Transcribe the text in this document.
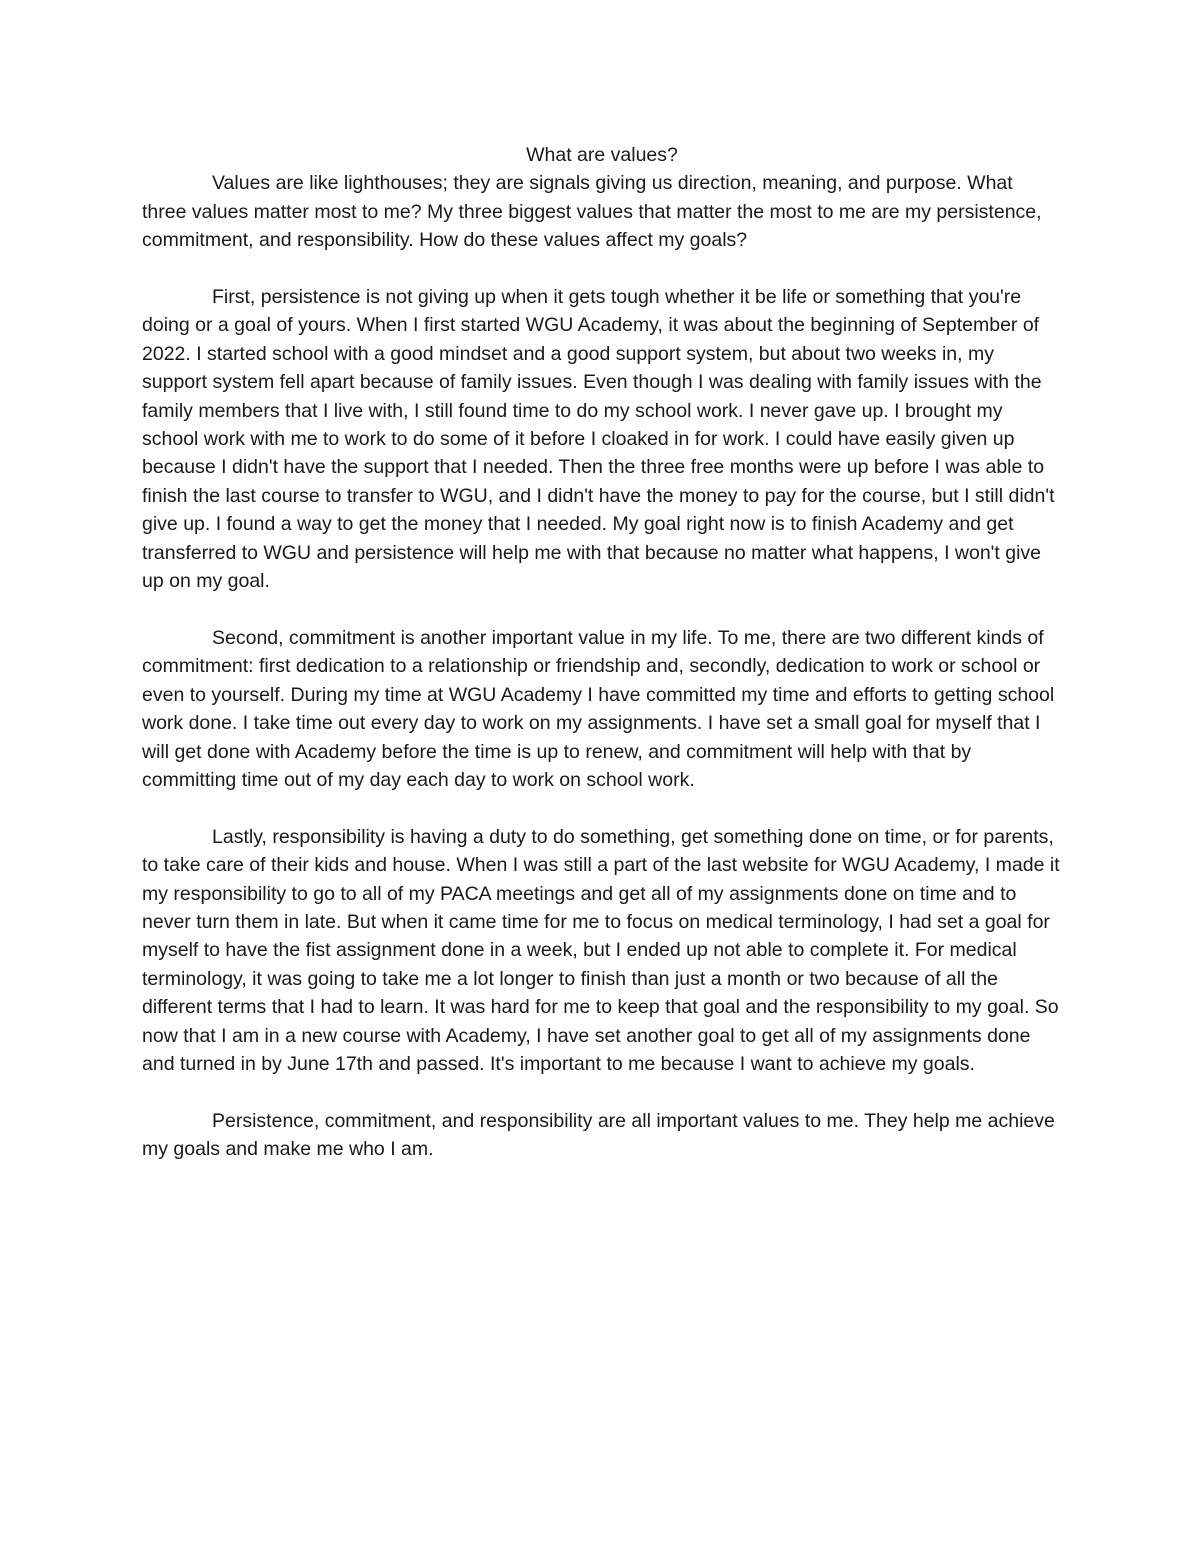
What are values?

Values are like lighthouses; they are signals giving us direction, meaning, and purpose. What three values matter most to me? My three biggest values that matter the most to me are my persistence, commitment, and responsibility. How do these values affect my goals?

First, persistence is not giving up when it gets tough whether it be life or something that you're doing or a goal of yours. When I first started WGU Academy, it was about the beginning of September of 2022. I started school with a good mindset and a good support system, but about two weeks in, my support system fell apart because of family issues. Even though I was dealing with family issues with the family members that I live with, I still found time to do my school work. I never gave up. I brought my school work with me to work to do some of it before I cloaked in for work. I could have easily given up because I didn't have the support that I needed. Then the three free months were up before I was able to finish the last course to transfer to WGU, and I didn't have the money to pay for the course, but I still didn't give up. I found a way to get the money that I needed. My goal right now is to finish Academy and get transferred to WGU and persistence will help me with that because no matter what happens, I won't give up on my goal.

Second, commitment is another important value in my life. To me, there are two different kinds of commitment: first dedication to a relationship or friendship and, secondly, dedication to work or school or even to yourself. During my time at WGU Academy I have committed my time and efforts to getting school work done. I take time out every day to work on my assignments. I have set a small goal for myself that I will get done with Academy before the time is up to renew, and commitment will help with that by committing time out of my day each day to work on school work.

Lastly, responsibility is having a duty to do something, get something done on time, or for parents, to take care of their kids and house. When I was still a part of the last website for WGU Academy, I made it my responsibility to go to all of my PACA meetings and get all of my assignments done on time and to never turn them in late. But when it came time for me to focus on medical terminology, I had set a goal for myself to have the fist assignment done in a week, but I ended up not able to complete it. For medical terminology, it was going to take me a lot longer to finish than just a month or two because of all the different terms that I had to learn. It was hard for me to keep that goal and the responsibility to my goal. So now that I am in a new course with Academy, I have set another goal to get all of my assignments done and turned in by June 17th and passed. It's important to me because I want to achieve my goals.

Persistence, commitment, and responsibility are all important values to me. They help me achieve my goals and make me who I am.
